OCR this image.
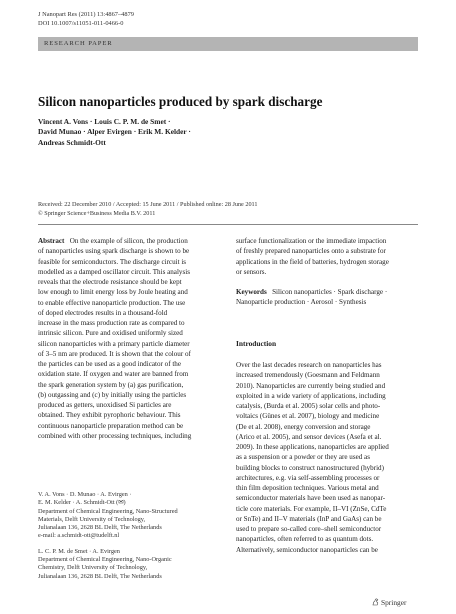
J Nanopart Res (2011) 13:4867–4879
DOI 10.1007/s11051-011-0466-0
RESEARCH PAPER
Silicon nanoparticles produced by spark discharge
Vincent A. Vons · Louis C. P. M. de Smet ·
David Munao · Alper Evirgen · Erik M. Kelder ·
Andreas Schmidt-Ott
Received: 22 December 2010 / Accepted: 15 June 2011 / Published online: 28 June 2011
© Springer Science+Business Media B.V. 2011

Abstract On the example of silicon, the production

of nanoparticles using spark discharge is shown to be

feasible for semiconductors. The discharge circuit is

modelled as a damped oscillator circuit. This analysis

reveals that the electrode resistance should be kept

low enough to limit energy loss by Joule heating and

to enable effective nanoparticle production. The use

of doped electrodes results in a thousand-fold

increase in the mass production rate as compared to

intrinsic silicon. Pure and oxidised uniformly sized

silicon nanoparticles with a primary particle diameter

of 3–5 nm are produced. It is shown that the colour of

the particles can be used as a good indicator of the

oxidation state. If oxygen and water are banned from

the spark generation system by (a) gas purification,

(b) outgassing and (c) by initially using the particles

produced as getters, unoxidised Si particles are

obtained. They exhibit pyrophoric behaviour. This

continuous nanoparticle preparation method can be

combined with other processing techniques, including

surface functionalization or the immediate impaction

of freshly prepared nanoparticles onto a substrate for

applications in the field of batteries, hydrogen storage

or sensors.

Keywords Silicon nanoparticles · Spark discharge ·

Nanoparticle production · Aerosol · Synthesis

Introduction

Over the last decades research on nanoparticles has

increased tremendously (Goesmann and Feldmann

2010). Nanoparticles are currently being studied and

exploited in a wide variety of applications, including

catalysis, (Burda et al. 2005) solar cells and photo-

voltaics (Günes et al. 2007), biology and medicine

(De et al. 2008), energy conversion and storage

(Arico et al. 2005), and sensor devices (Asefa et al.

2009). In these applications, nanoparticles are applied

as a suspension or a powder or they are used as

building blocks to construct nanostructured (hybrid)

architectures, e.g. via self-assembling processes or

thin film deposition techniques. Various metal and

semiconductor materials have been used as nanopar-

ticle core materials. For example, II–VI (ZnSe, CdTe

or SnTe) and II–V materials (InP and GaAs) can be

used to prepare so-called core–shell semiconductor

nanoparticles, often referred to as quantum dots.

Alternatively, semiconductor nanoparticles can be

V. A. Vons · D. Munao · A. Evirgen ·

E. M. Kelder · A. Schmidt-Ott (✉)

Department of Chemical Engineering, Nano-Structured

Materials, Delft University of Technology,

Julianalaan 136, 2628 BL Delft, The Netherlands

e-mail: a.schmidt-ott@tudelft.nl

L. C. P. M. de Smet · A. Evirgen

Department of Chemical Engineering, Nano-Organic

Chemistry, Delft University of Technology,

Julianalaan 136, 2628 BL Delft, The Netherlands

Springer
